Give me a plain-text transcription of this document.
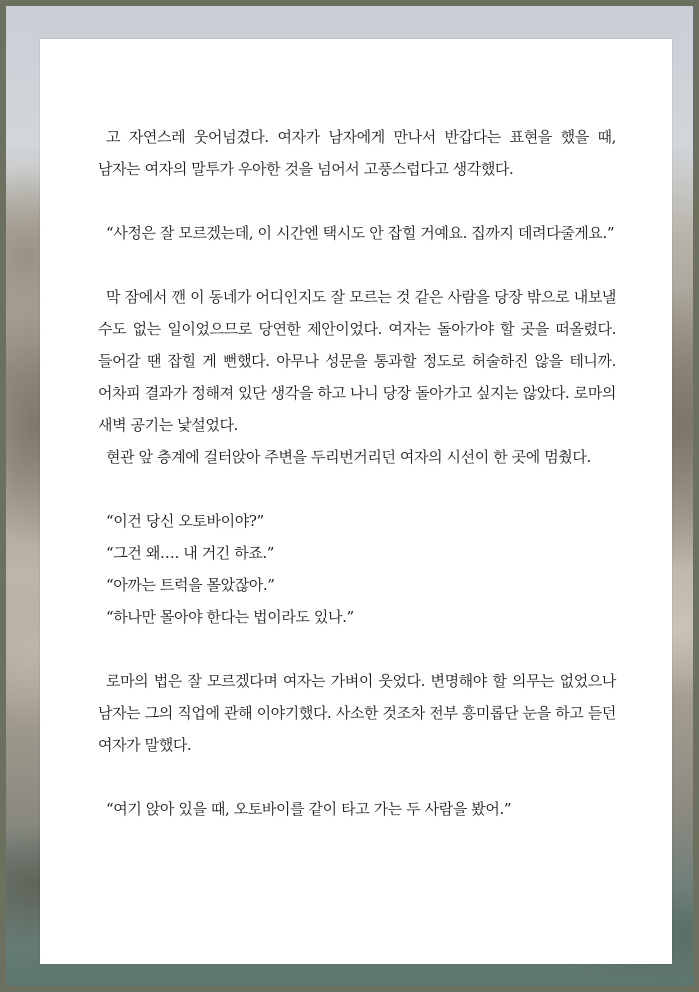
고 자연스레 웃어넘겼다. 여자가 남자에게 만나서 반갑다는 표현을 했을 때, 남자는 여자의 말투가 우아한 것을 넘어서 고풍스럽다고 생각했다.

“사정은 잘 모르겠는데, 이 시간엔 택시도 안 잡힐 거예요. 집까지 데려다줄게요.”

막 잠에서 깬 이 동네가 어디인지도 잘 모르는 것 같은 사람을 당장 밖으로 내보낼 수도 없는 일이었으므로 당연한 제안이었다. 여자는 돌아가야 할 곳을 떠올렸다. 들어갈 땐 잡힐 게 뻔했다. 아무나 성문을 통과할 정도로 허술하진 않을 테니까. 어차피 결과가 정해져 있단 생각을 하고 나니 당장 돌아가고 싶지는 않았다. 로마의 새벽 공기는 낯설었다.

현관 앞 층계에 걸터앉아 주변을 두리번거리던 여자의 시선이 한 곳에 멈췄다.

“이건 당신 오토바이야?”

“그건 왜…. 내 거긴 하죠.”

“아까는 트럭을 몰았잖아.”

“하나만 몰아야 한다는 법이라도 있나.”

로마의 법은 잘 모르겠다며 여자는 가벼이 웃었다. 변명해야 할 의무는 없었으나 남자는 그의 직업에 관해 이야기했다. 사소한 것조차 전부 흥미롭단 눈을 하고 듣던 여자가 말했다.

“여기 앉아 있을 때, 오토바이를 같이 타고 가는 두 사람을 봤어.”
